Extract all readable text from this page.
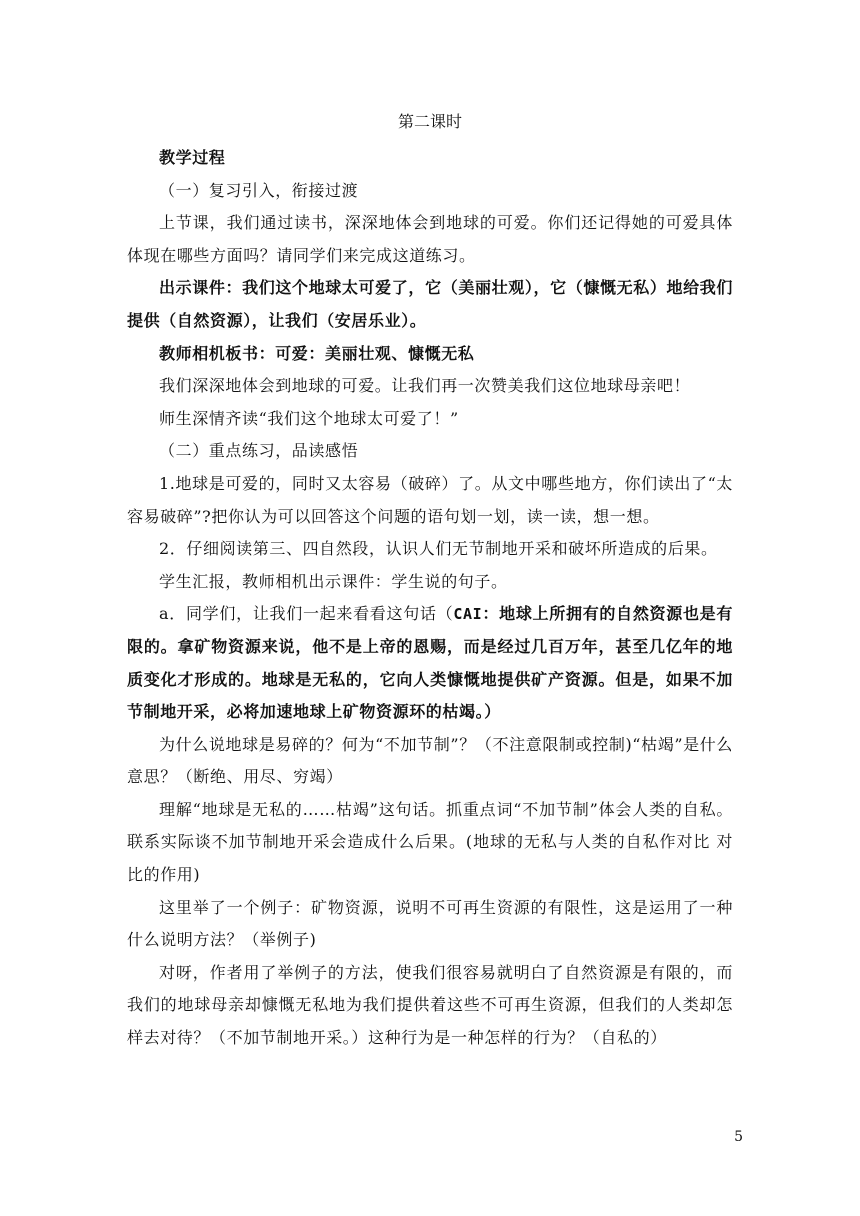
第二课时

教学过程

（一）复习引入，衔接过渡

上节课，我们通过读书，深深地体会到地球的可爱。你们还记得她的可爱具体体现在哪些方面吗？请同学们来完成这道练习。

出示课件：我们这个地球太可爱了，它（美丽壮观），它（慷慨无私）地给我们提供（自然资源），让我们（安居乐业）。

教师相机板书：可爱：美丽壮观、慷慨无私

我们深深地体会到地球的可爱。让我们再一次赞美我们这位地球母亲吧！

师生深情齐读“我们这个地球太可爱了！”

（二）重点练习，品读感悟

1.地球是可爱的，同时又太容易（破碎）了。从文中哪些地方，你们读出了“太容易破碎”?把你认为可以回答这个问题的语句划一划，读一读，想一想。

2．仔细阅读第三、四自然段，认识人们无节制地开采和破坏所造成的后果。

学生汇报，教师相机出示课件：学生说的句子。

a．同学们，让我们一起来看看这句话（CAI：地球上所拥有的自然资源也是有限的。拿矿物资源来说，他不是上帝的恩赐，而是经过几百万年，甚至几亿年的地质变化才形成的。地球是无私的，它向人类慷慨地提供矿产资源。但是，如果不加节制地开采，必将加速地球上矿物资源环的枯竭。）

为什么说地球是易碎的？何为“不加节制”？（不注意限制或控制)“枯竭”是什么意思？（断绝、用尽、穷竭）

理解“地球是无私的……枯竭”这句话。抓重点词“不加节制”体会人类的自私。联系实际谈不加节制地开采会造成什么后果。(地球的无私与人类的自私作对比 对比的作用)

这里举了一个例子：矿物资源，说明不可再生资源的有限性，这是运用了一种什么说明方法？（举例子)

对呀，作者用了举例子的方法，使我们很容易就明白了自然资源是有限的，而我们的地球母亲却慷慨无私地为我们提供着这些不可再生资源，但我们的人类却怎样去对待？（不加节制地开采。）这种行为是一种怎样的行为？（自私的）

5
